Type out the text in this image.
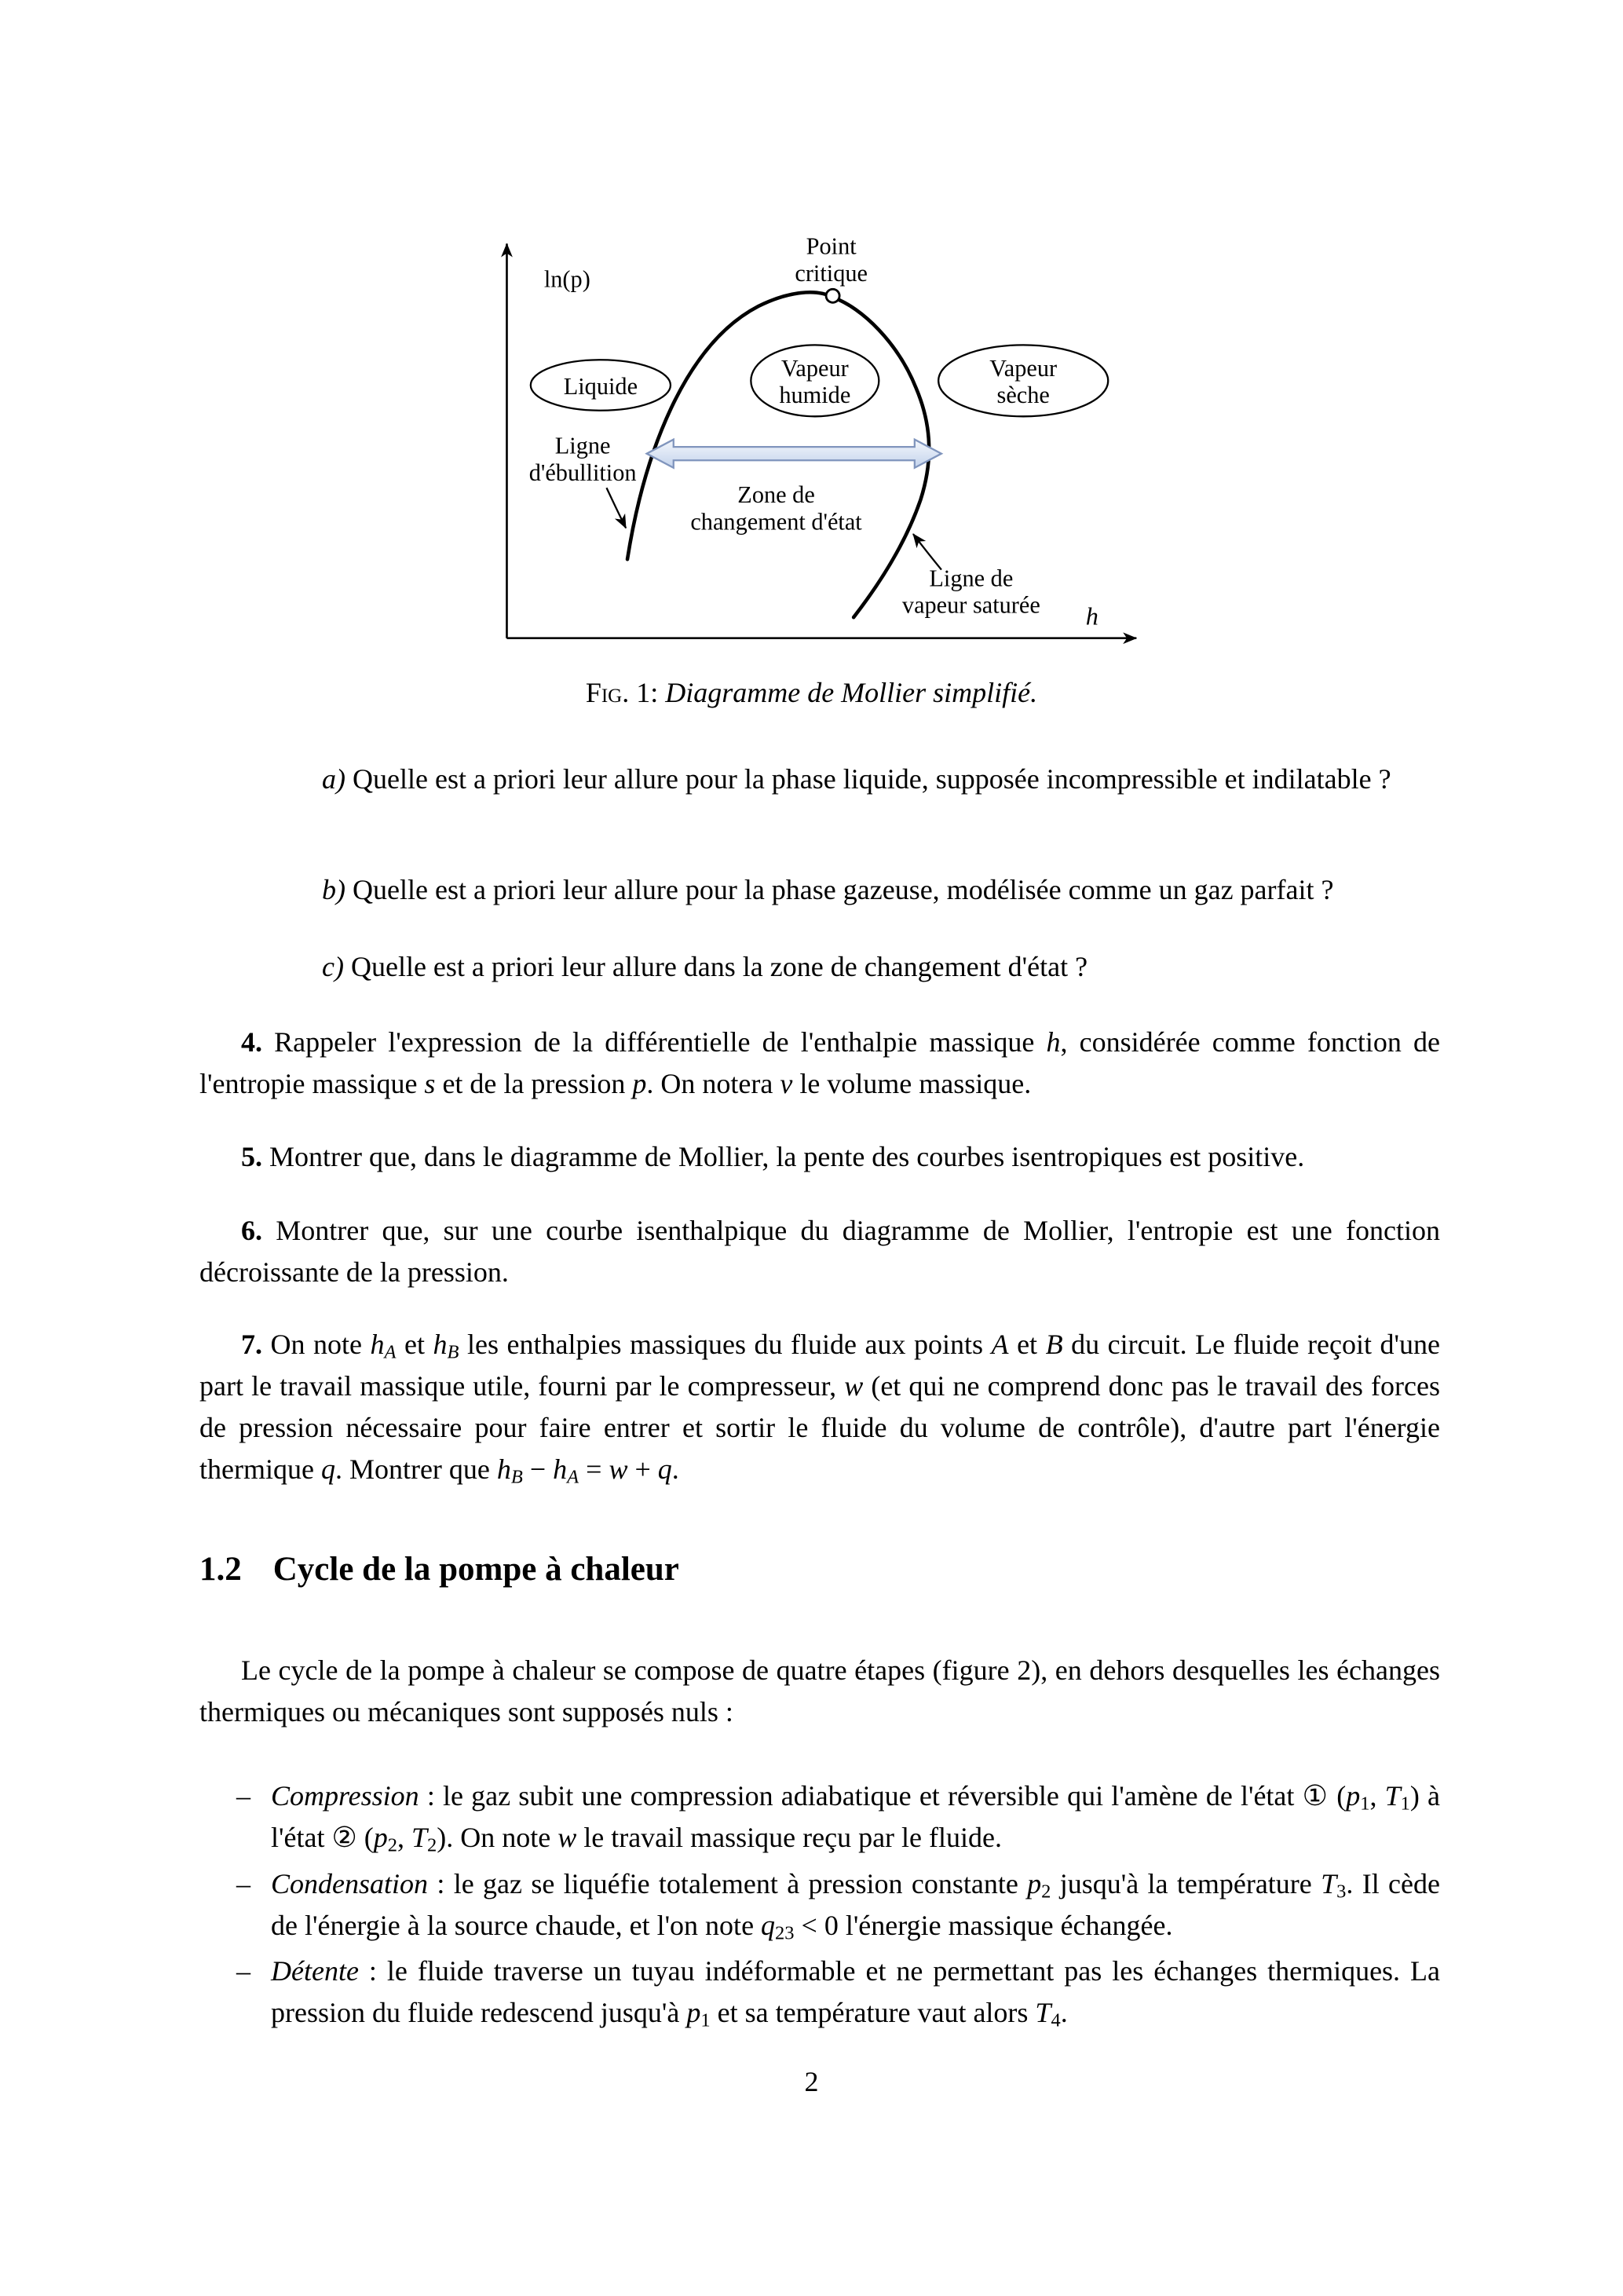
ln(p)
h
Point
critique
Liquide
Vapeur
humide
Vapeur
sèche
Ligne
d'ébullition
Zone de
changement d'état
Ligne de
vapeur saturée
Fig. 1: Diagramme de Mollier simplifié.
a) Quelle est a priori leur allure pour la phase liquide, supposée incompressible et indilatable ?
b) Quelle est a priori leur allure pour la phase gazeuse, modélisée comme un gaz parfait ?
c) Quelle est a priori leur allure dans la zone de changement d'état ?
4. Rappeler l'expression de la différentielle de l'enthalpie massique h, considérée comme fonction de l'entropie massique s et de la pression p. On notera v le volume massique.
5. Montrer que, dans le diagramme de Mollier, la pente des courbes isentropiques est positive.
6. Montrer que, sur une courbe isenthalpique du diagramme de Mollier, l'entropie est une fonction décroissante de la pression.
7. On note hA et hB les enthalpies massiques du fluide aux points A et B du circuit. Le fluide reçoit d'une part le travail massique utile, fourni par le compresseur, w (et qui ne comprend donc pas le travail des forces de pression nécessaire pour faire entrer et sortir le fluide du volume de contrôle), d'autre part l'énergie thermique q. Montrer que hB − hA = w + q.
1.2 Cycle de la pompe à chaleur
Le cycle de la pompe à chaleur se compose de quatre étapes (figure 2), en dehors desquelles les échanges thermiques ou mécaniques sont supposés nuls :
– Compression : le gaz subit une compression adiabatique et réversible qui l'amène de l'état ① (p1, T1) à l'état ② (p2, T2). On note w le travail massique reçu par le fluide.
– Condensation : le gaz se liquéfie totalement à pression constante p2 jusqu'à la température T3. Il cède de l'énergie à la source chaude, et l'on note q23 < 0 l'énergie massique échangée.
– Détente : le fluide traverse un tuyau indéformable et ne permettant pas les échanges thermiques. La pression du fluide redescend jusqu'à p1 et sa température vaut alors T4.
2
